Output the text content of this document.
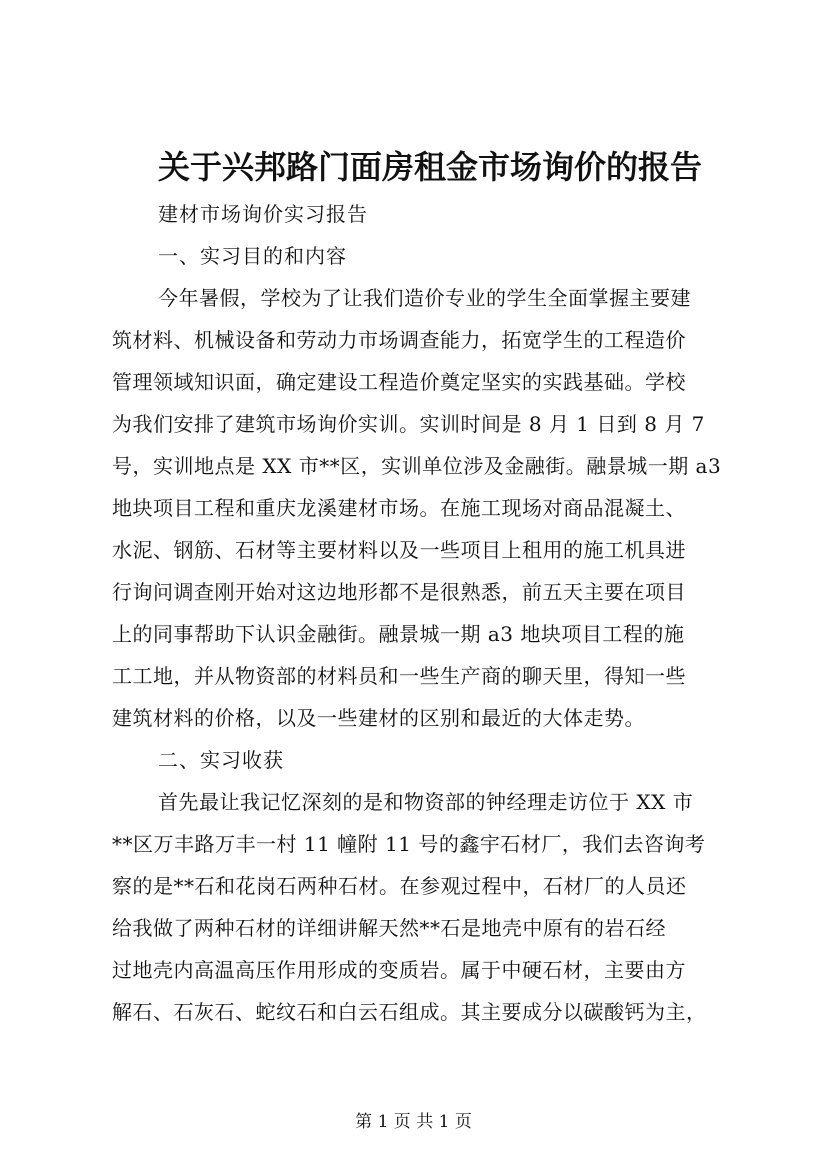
关于兴邦路门面房租金市场询价的报告
建材市场询价实习报告
一、实习目的和内容
今年暑假，学校为了让我们造价专业的学生全面掌握主要建
筑材料、机械设备和劳动力市场调查能力，拓宽学生的工程造价
管理领域知识面，确定建设工程造价奠定坚实的实践基础。学校
为我们安排了建筑市场询价实训。实训时间是 8 月 1 日到 8 月 7
号，实训地点是 XX 市**区，实训单位涉及金融街。融景城一期 a3
地块项目工程和重庆龙溪建材市场。在施工现场对商品混凝土、
水泥、钢筋、石材等主要材料以及一些项目上租用的施工机具进
行询问调查刚开始对这边地形都不是很熟悉，前五天主要在项目
上的同事帮助下认识金融街。融景城一期 a3 地块项目工程的施
工工地，并从物资部的材料员和一些生产商的聊天里，得知一些
建筑材料的价格，以及一些建材的区别和最近的大体走势。
二、实习收获
首先最让我记忆深刻的是和物资部的钟经理走访位于 XX 市
**区万丰路万丰一村 11 幢附 11 号的鑫宇石材厂，我们去咨询考
察的是**石和花岗石两种石材。在参观过程中，石材厂的人员还
给我做了两种石材的详细讲解天然**石是地壳中原有的岩石经
过地壳内高温高压作用形成的变质岩。属于中硬石材，主要由方
解石、石灰石、蛇纹石和白云石组成。其主要成分以碳酸钙为主，
第 1 页 共 1 页
